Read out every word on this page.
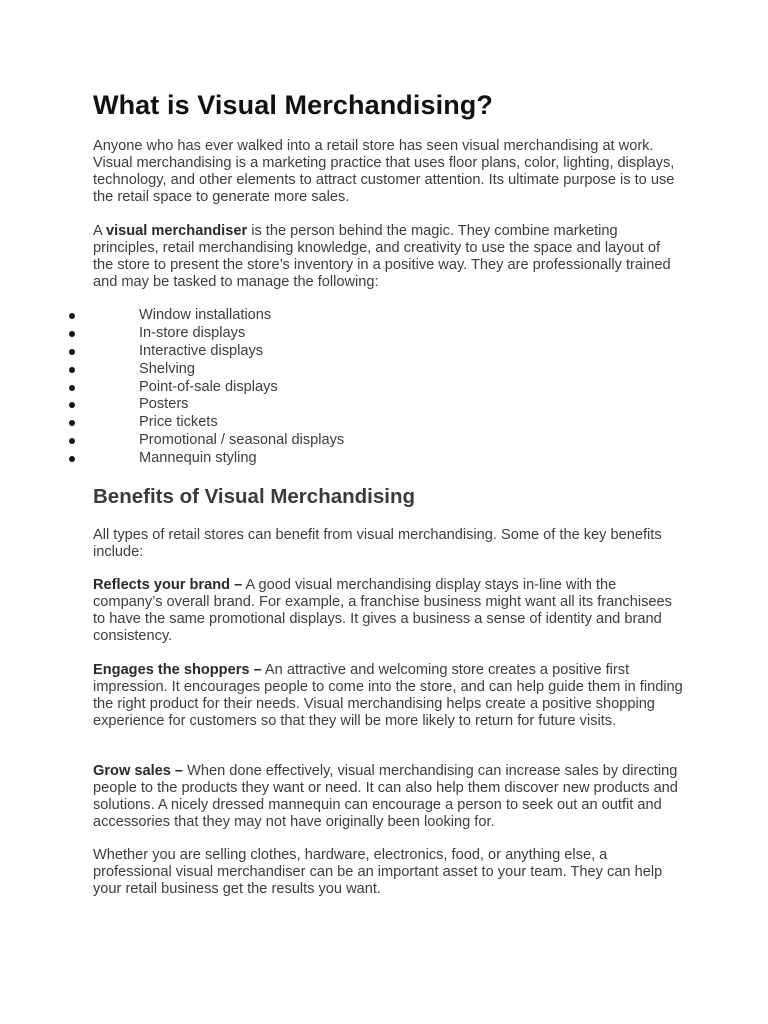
What is Visual Merchandising?

Anyone who has ever walked into a retail store has seen visual merchandising at work. Visual merchandising is a marketing practice that uses floor plans, color, lighting, displays, technology, and other elements to attract customer attention. Its ultimate purpose is to use the retail space to generate more sales.

A visual merchandiser is the person behind the magic. They combine marketing principles, retail merchandising knowledge, and creativity to use the space and layout of the store to present the store’s inventory in a positive way. They are professionally trained and may be tasked to manage the following:

Window installations
In-store displays
Interactive displays
Shelving
Point-of-sale displays
Posters
Price tickets
Promotional / seasonal displays
Mannequin styling
Benefits of Visual Merchandising

All types of retail stores can benefit from visual merchandising. Some of the key benefits include:

Reflects your brand – A good visual merchandising display stays in-line with the company’s overall brand. For example, a franchise business might want all its franchisees to have the same promotional displays. It gives a business a sense of identity and brand consistency.

Engages the shoppers – An attractive and welcoming store creates a positive first impression. It encourages people to come into the store, and can help guide them in finding the right product for their needs. Visual merchandising helps create a positive shopping experience for customers so that they will be more likely to return for future visits.

Grow sales – When done effectively, visual merchandising can increase sales by directing people to the products they want or need. It can also help them discover new products and solutions. A nicely dressed mannequin can encourage a person to seek out an outfit and accessories that they may not have originally been looking for.

Whether you are selling clothes, hardware, electronics, food, or anything else, a professional visual merchandiser can be an important asset to your team. They can help your retail business get the results you want.
